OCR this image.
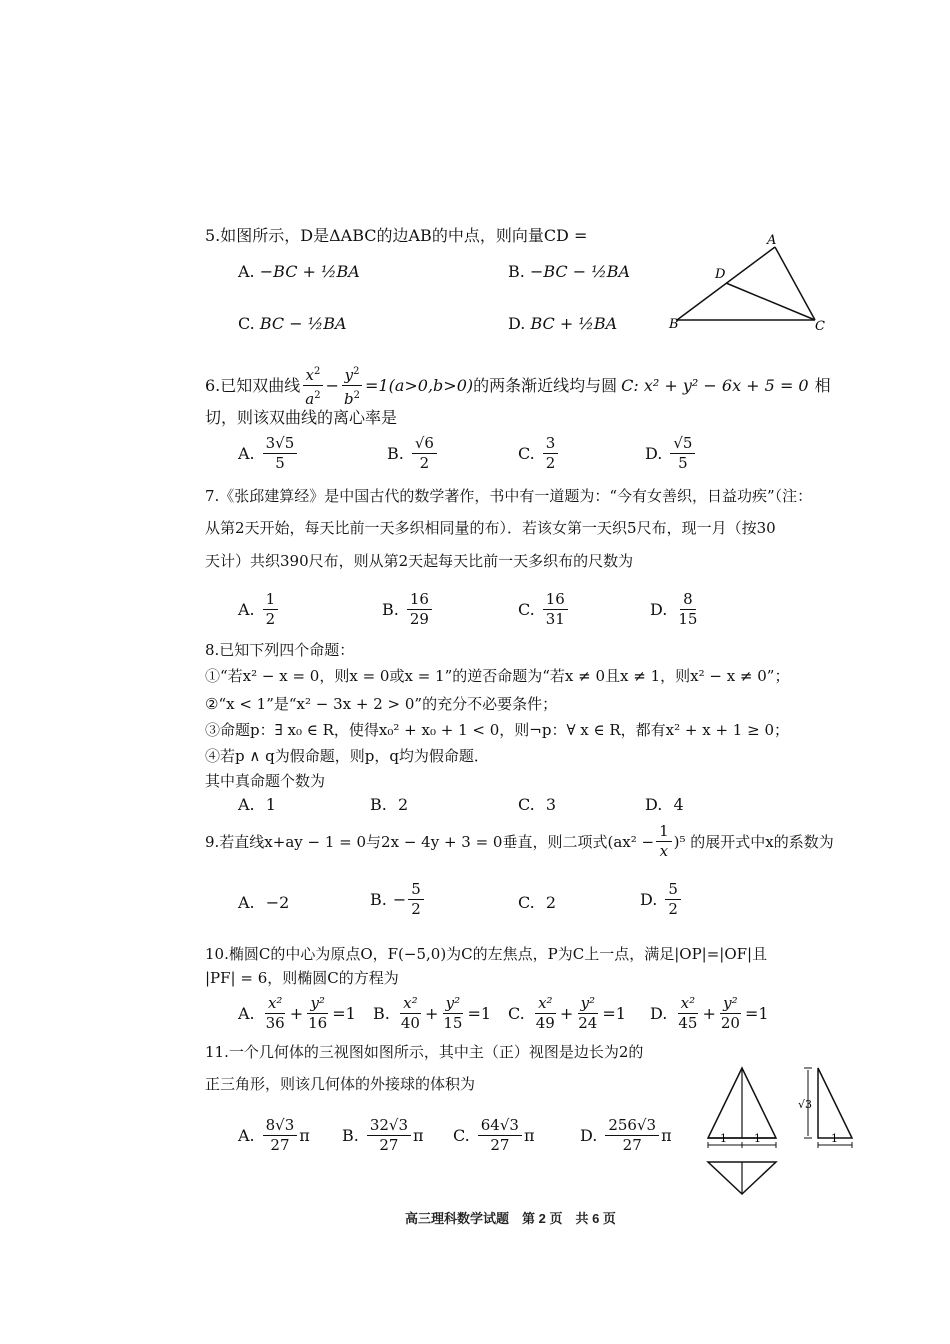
5.如图所示，D是ΔABC的边AB的中点，则向量CD =
A. −BC + ½BA	B. −BC − ½BA
C. BC − ½BA	D. BC + ½BA
A
D
B	C
6.已知双曲线 $\frac{x^2}{a^2} - \frac{y^2}{b^2} =1(a>0,b>0)$ 的两条渐近线均与圆 C: x² + y² − 6x + 5 = 0 相
切，则该双曲线的离心率是
A. $\frac{3√5}{5}$	B. $\frac{√6}{2}$	C. $\frac{3}{2}$	D. $\frac{√5}{5}$
7.《张邱建算经》是中国古代的数学著作，书中有一道题为：“今有女善织，日益功疾”（注：
从第2天开始，每天比前一天多织相同量的布）．若该女第一天织5尺布，现一月（按30
天计）共织390尺布，则从第2天起每天比前一天多织布的尺数为
A. $\frac{1}{2}$	B. $\frac{16}{29}$	C. $\frac{16}{31}$	D. $\frac{8}{15}$
8.已知下列四个命题：
①“若x² − x = 0，则x = 0或x = 1”的逆否命题为“若x ≠ 0且x ≠ 1，则x² − x ≠ 0”；
②“x < 1”是“x² − 3x + 2 > 0”的充分不必要条件；
③命题p：∃ x₀ ∈ R，使得x₀² + x₀ + 1 < 0，则¬p：∀ x ∈ R，都有x² + x + 1 ≥ 0；
④若p ∧ q为假命题，则p，q均为假命题．
其中真命题个数为
A. 1	B. 2	C. 3	D. 4
9.若直线x+ay − 1 = 0与2x − 4y + 3 = 0垂直，则二项式$(ax^2 - \frac{1}{x} )^5$ 的展开式中x的系数为
A. −2	B. − $\frac{5}{2}$	C. 2	D. $\frac{5}{2}$
10.椭圆C的中心为原点O，F(−5,0)为C的左焦点，P为C上一点，满足|OP|=|OF|且
|PF| = 6，则椭圆C的方程为
A. $\frac{\text{x²}}{36} + \frac{\text{y²}}{16} =1$ B. $\frac{\text{x²}}{40} + \frac{\text{y²}}{15} =1$ C. $\frac{\text{x²}}{49} + \frac{\text{y²}}{24} =1$ D. $\frac{\text{x²}}{45} + \frac{\text{y²}}{20} =1$
11.一个几何体的三视图如图所示，其中主（正）视图是边长为2的
正三角形，则该几何体的外接球的体积为
A. $\frac{8√3}{27}$ π B. $\frac{32√3}{27}$ π C. $\frac{64√3}{27}$ π	D. $\frac{256√3}{27}$ π	1 1
√3
1
高三理科数学试题　第 2 页　共 6 页
